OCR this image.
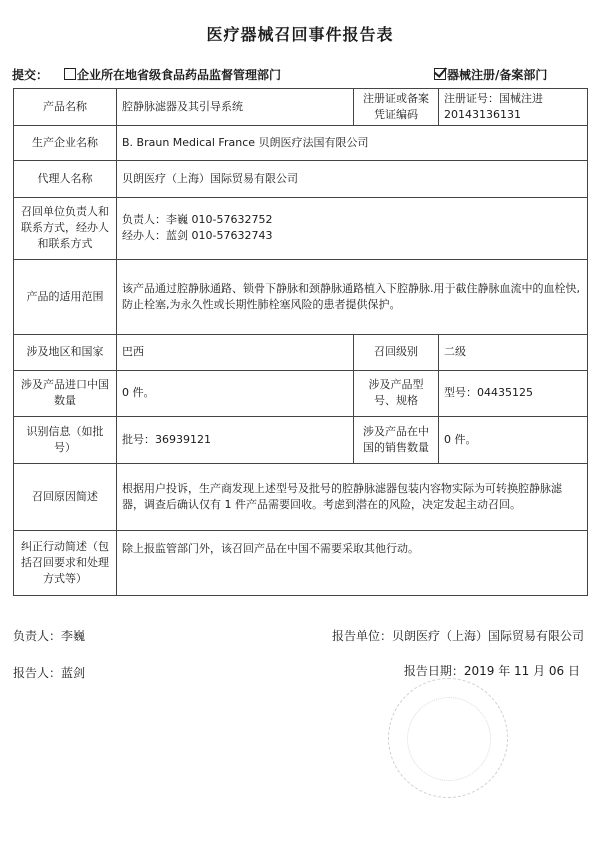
医疗器械召回事件报告表
提交：	企业所在地省级食品药品监督管理部门	器械注册/备案部门
产品名称	腔静脉滤器及其引导系统	注册证或备案凭证编码	注册证号：国械注进20143136131
生产企业名称	B. Braun Medical France 贝朗医疗法国有限公司		
代理人名称	贝朗医疗（上海）国际贸易有限公司		
召回单位负责人和联系方式，经办人和联系方式	负责人：李巍 010-57632752
经办人：蓝剑 010-57632743		

产品的适用范围	该产品通过腔静脉通路、锁骨下静脉和颈静脉通路植入下腔静脉.用于截住静脉血流中的血栓快,防止栓塞,为永久性或长期性肺栓塞风险的患者提供保护。		
涉及地区和国家	巴西	召回级别	二级
涉及产品进口中国数量	0 件。	涉及产品型号、规格	型号：04435125
识别信息（如批号）	批号：36939121	涉及产品在中国的销售数量	0 件。
召回原因简述	根据用户投诉，生产商发现上述型号及批号的腔静脉滤器包装内容物实际为可转换腔静脉滤器，调查后确认仅有 1 件产品需要回收。考虑到潜在的风险，决定发起主动召回。		
纠正行动简述（包括召回要求和处理方式等）	除上报监管部门外，该召回产品在中国不需要采取其他行动。		
负责人：李巍	报告单位：贝朗医疗（上海）国际贸易有限公司
报告人：蓝剑	报告日期：2019 年 11 月 06 日
